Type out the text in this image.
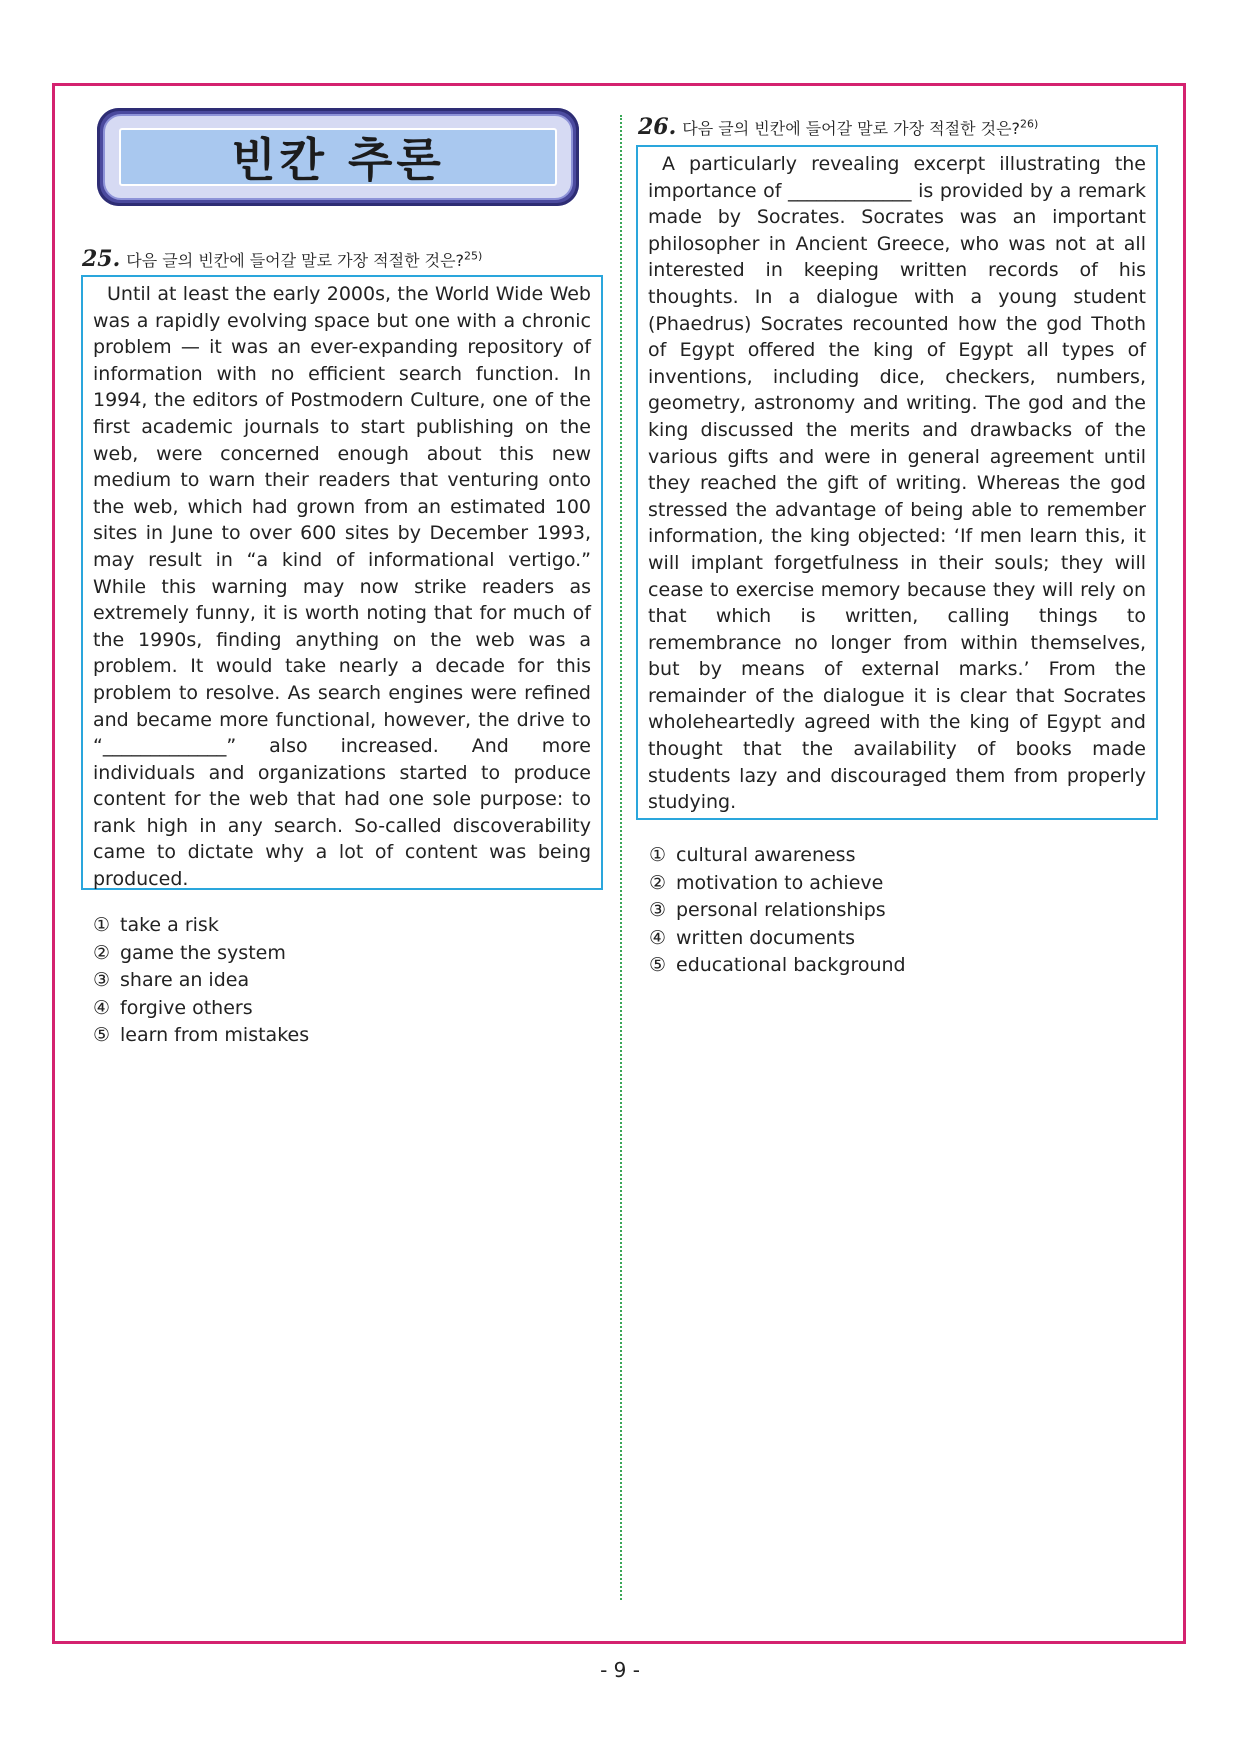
빈칸 추론
25. 다음 글의 빈칸에 들어갈 말로 가장 적절한 것은?$^{25)}$
Until at least the early 2000s, the World Wide Web was a rapidly evolving space but one with a chronic problem — it was an ever-expanding repository of information with no efficient search function. In 1994, the editors of Postmodern Culture, one of the first academic journals to start publishing on the web, were concerned enough about this new medium to warn their readers that venturing onto the web, which had grown from an estimated 100 sites in June to over 600 sites by December 1993, may result in “a kind of informational vertigo.” While this warning may now strike readers as extremely funny, it is worth noting that for much of the 1990s, finding anything on the web was a problem. It would take nearly a decade for this problem to resolve. As search engines were refined and became more functional, however, the drive to “_____________” also increased. And more individuals and organizations started to produce content for the web that had one sole purpose: to rank high in any search. So-called discoverability came to dictate why a lot of content was being produced.
① take a risk
② game the system
③ share an idea
④ forgive others
⑤ learn from mistakes
26. 다음 글의 빈칸에 들어갈 말로 가장 적절한 것은?$^{26)}$
A particularly revealing excerpt illustrating the importance of _____________ is provided by a remark made by Socrates. Socrates was an important philosopher in Ancient Greece, who was not at all interested in keeping written records of his thoughts. In a dialogue with a young student (Phaedrus) Socrates recounted how the god Thoth of Egypt offered the king of Egypt all types of inventions, including dice, checkers, numbers, geometry, astronomy and writing. The god and the king discussed the merits and drawbacks of the various gifts and were in general agreement until they reached the gift of writing. Whereas the god stressed the advantage of being able to remember information, the king objected: ‘If men learn this, it will implant forgetfulness in their souls; they will cease to exercise memory because they will rely on that which is written, calling things to remembrance no longer from within themselves, but by means of external marks.’ From the remainder of the dialogue it is clear that Socrates wholeheartedly agreed with the king of Egypt and thought that the availability of books made students lazy and discouraged them from properly studying.
① cultural awareness
② motivation to achieve
③ personal relationships
④ written documents
⑤ educational background
- 9 -
